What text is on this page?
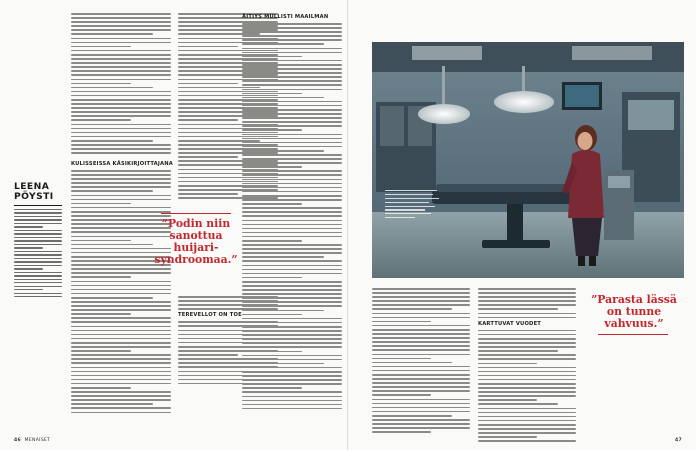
KULISSEISSA KÄSIKIRJOITTAJANA
TEREVELLOT ON TOE
ÄITIYS MULLISTI MAAILMAN
”Podin niin
sanottua huijari-
syndroomaa.”
LEENA
PÖYSTI
KARTTUVAT VUODET
”Parasta lässä
on tunne
vahvuus.”
46 MENAISET	47
